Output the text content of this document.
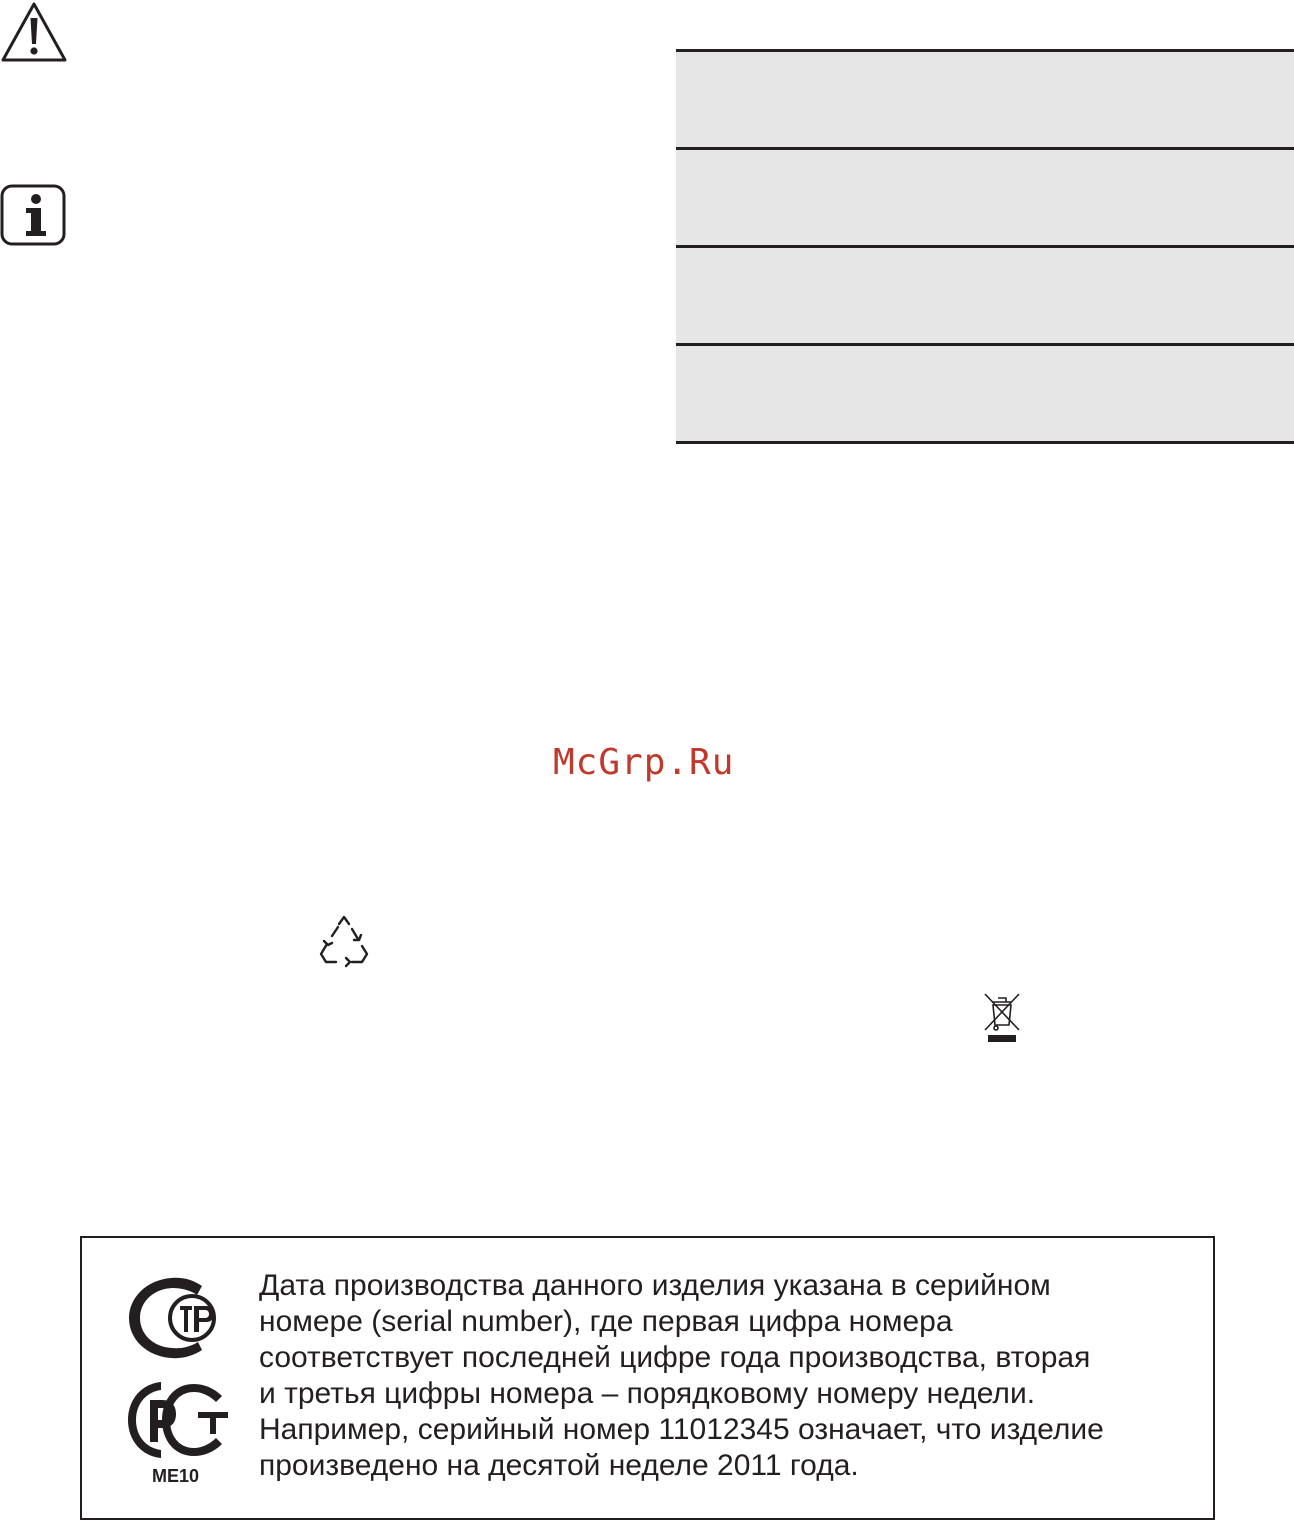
McGrp.Ru
ME10
Дата производства данного изделия указана в серийном
номере (serial number), где первая цифра номера
соответствует последней цифре года производства, вторая
и третья цифры номера – порядковому номеру недели.
Например, серийный номер 11012345 означает, что изделие
произведено на десятой неделе 2011 года.
